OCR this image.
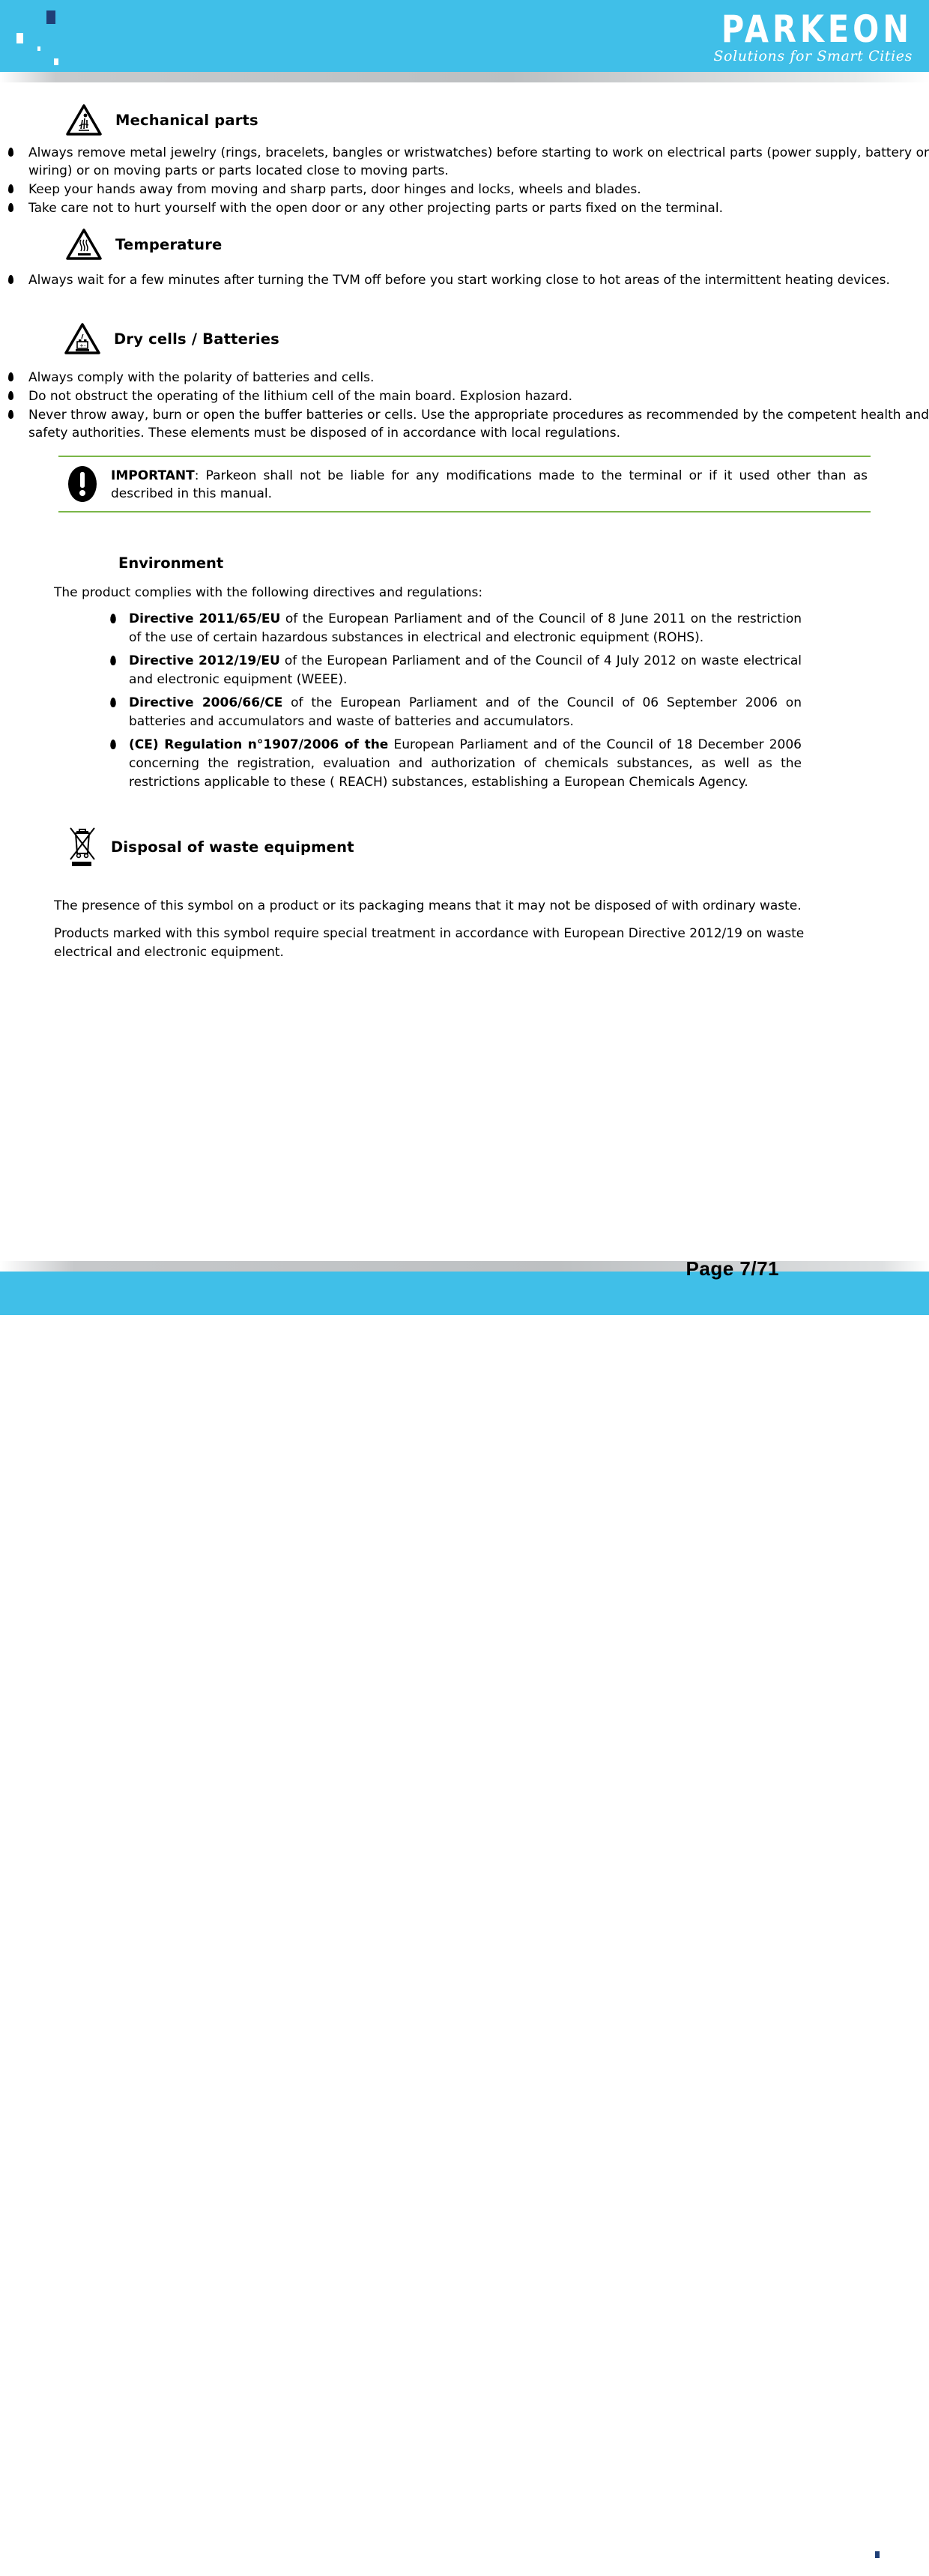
PARKEON
Solutions for Smart Cities
Mechanical parts
Always remove metal jewelry (rings, bracelets, bangles or wristwatches) before starting to work on electrical parts (power supply, battery or wiring) or on moving parts or parts located close to moving parts.
Keep your hands away from moving and sharp parts, door hinges and locks, wheels and blades.
Take care not to hurt yourself with the open door or any other projecting parts or parts fixed on the terminal.
Temperature
Always wait for a few minutes after turning the TVM off before you start working close to hot areas of the intermittent heating devices.
+ - Dry cells / Batteries
Always comply with the polarity of batteries and cells.
Do not obstruct the operating of the lithium cell of the main board. Explosion hazard.
Never throw away, burn or open the buffer batteries or cells. Use the appropriate procedures as recommended by the competent health and safety authorities. These elements must be disposed of in accordance with local regulations.
IMPORTANT: Parkeon shall not be liable for any modifications made to the terminal or if it used other than as described in this manual.
Environment
The product complies with the following directives and regulations:
Directive 2011/65/EU of the European Parliament and of the Council of 8 June 2011 on the restriction of the use of certain hazardous substances in electrical and electronic equipment (ROHS).
Directive 2012/19/EU of the European Parliament and of the Council of 4 July 2012 on waste electrical and electronic equipment (WEEE).
Directive 2006/66/CE of the European Parliament and of the Council of 06 September 2006 on batteries and accumulators and waste of batteries and accumulators.
(CE) Regulation n°1907/2006 of the European Parliament and of the Council of 18 December 2006 concerning the registration, evaluation and authorization of chemicals substances, as well as the restrictions applicable to these ( REACH) substances, establishing a European Chemicals Agency.
Disposal of waste equipment
The presence of this symbol on a product or its packaging means that it may not be disposed of with ordinary waste.
Products marked with this symbol require special treatment in accordance with European Directive 2012/19 on waste electrical and electronic equipment.
Page 7/71
